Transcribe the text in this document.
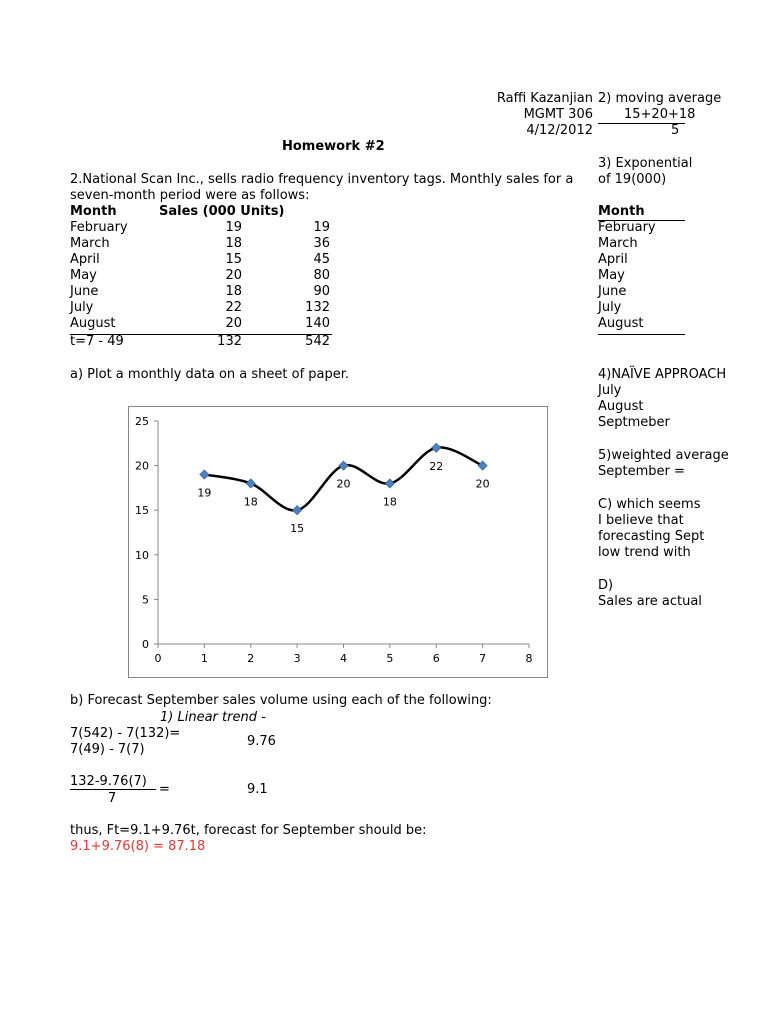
Raffi Kazanjian
MGMT 306
4/12/2012
Homework #2
2.National Scan Inc., sells radio frequency inventory tags. Monthly sales for a
seven-month period were as follows:
Month	Sales (000 Units)
February	19	19
March	18	36
April	15	45
May	20	80
June	18	90
July	22	132
August	20	140
t=7 - 49	132	542
a) Plot a monthly data on a sheet of paper.
0	1	2	3	4	5	6	7	8
0
5
10
15
20
25
19
18
15
20
18
22
20
b) Forecast September sales volume using each of the following:
1) Linear trend -
7(542) - 7(132)=
7(49) - 7(7)
9.76
132-9.76(7)
=
7
9.1
thus, Ft=9.1+9.76t, forecast for September should be:
9.1+9.76(8) = 87.18
2) moving average
15+20+18
5
3) Exponential
of 19(000)
Month
February
March
April
May
June
July
August
4)NAÏVE APPROACH
July
August
Septmeber
5)weighted average
September =
C) which seems
I believe that
forecasting Sept
low trend with
D)
Sales are actual
